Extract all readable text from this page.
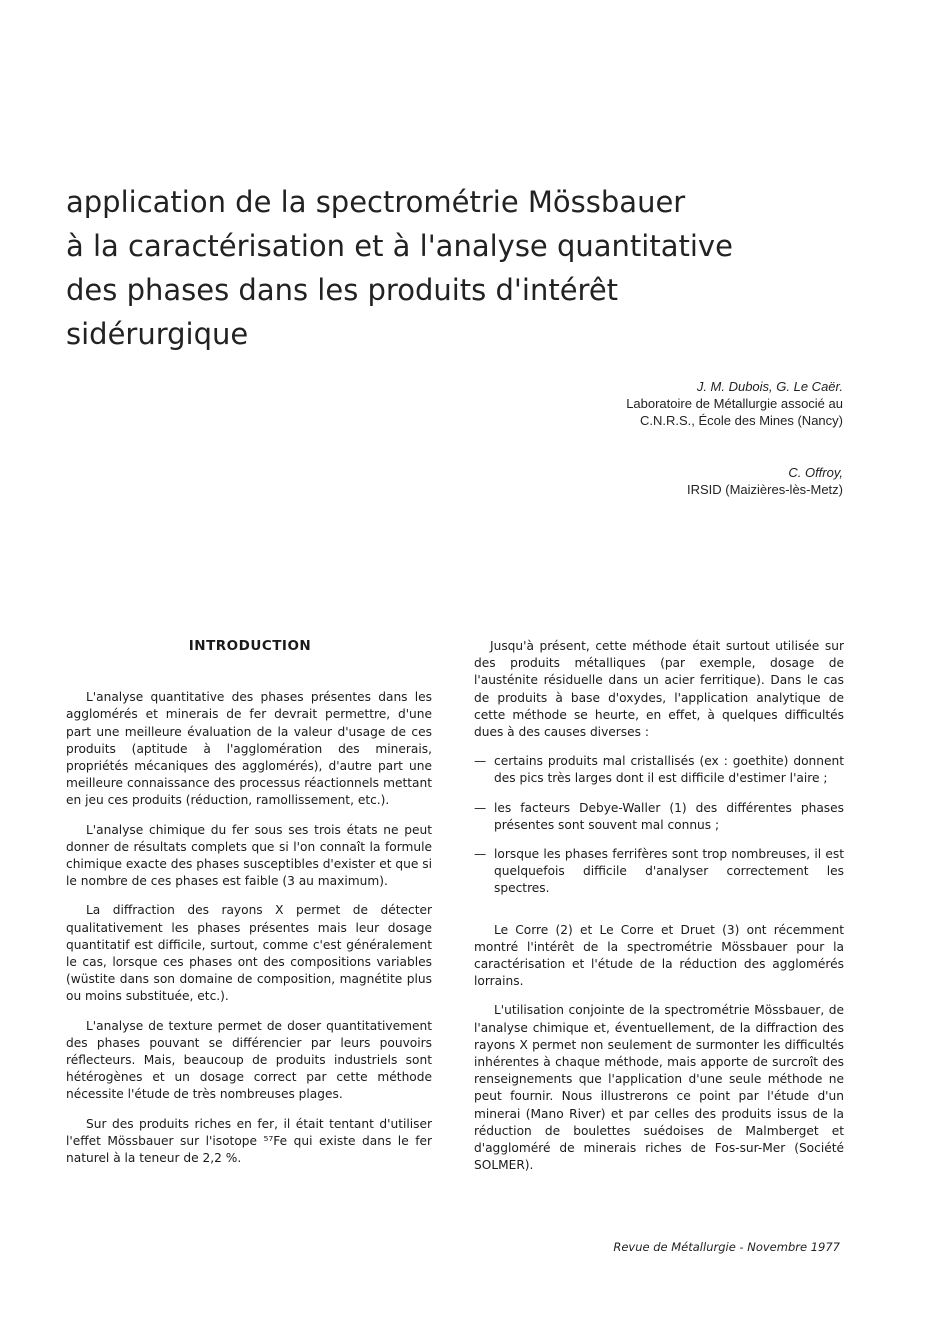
application de la spectrométrie Mössbauer
à la caractérisation et à l'analyse quantitative
des phases dans les produits d'intérêt
sidérurgique
J. M. Dubois, G. Le Caër.
Laboratoire de Métallurgie associé au
C.N.R.S., École des Mines (Nancy)
C. Offroy,
IRSID (Maizières-lès-Metz)
INTRODUCTION

L'analyse quantitative des phases présentes dans les agglomérés et minerais de fer devrait permettre, d'une part une meilleure évaluation de la valeur d'usage de ces produits (aptitude à l'agglomération des minerais, propriétés mécaniques des agglomérés), d'autre part une meilleure connaissance des processus réactionnels mettant en jeu ces produits (réduction, ramollissement, etc.).

L'analyse chimique du fer sous ses trois états ne peut donner de résultats complets que si l'on connaît la formule chimique exacte des phases susceptibles d'exister et que si le nombre de ces phases est faible (3 au maximum).

La diffraction des rayons X permet de détecter qualitativement les phases présentes mais leur dosage quantitatif est difficile, surtout, comme c'est généralement le cas, lorsque ces phases ont des compositions variables (wüstite dans son domaine de composition, magnétite plus ou moins substituée, etc.).

L'analyse de texture permet de doser quantitativement des phases pouvant se différencier par leurs pouvoirs réflecteurs. Mais, beaucoup de produits industriels sont hétérogènes et un dosage correct par cette méthode nécessite l'étude de très nombreuses plages.

Sur des produits riches en fer, il était tentant d'utiliser l'effet Mössbauer sur l'isotope ⁵⁷Fe qui existe dans le fer naturel à la teneur de 2,2 %.

Jusqu'à présent, cette méthode était surtout utilisée sur des produits métalliques (par exemple, dosage de l'austénite résiduelle dans un acier ferritique). Dans le cas de produits à base d'oxydes, l'application analytique de cette méthode se heurte, en effet, à quelques difficultés dues à des causes diverses :

— certains produits mal cristallisés (ex : goethite) donnent des pics très larges dont il est difficile d'estimer l'aire ;
— les facteurs Debye-Waller (1) des différentes phases présentes sont souvent mal connus ;
— lorsque les phases ferrifères sont trop nombreuses, il est quelquefois difficile d'analyser correctement les spectres.

Le Corre (2) et Le Corre et Druet (3) ont récemment montré l'intérêt de la spectrométrie Mössbauer pour la caractérisation et l'étude de la réduction des agglomérés lorrains.

L'utilisation conjointe de la spectrométrie Mössbauer, de l'analyse chimique et, éventuellement, de la diffraction des rayons X permet non seulement de surmonter les difficultés inhérentes à chaque méthode, mais apporte de surcroît des renseignements que l'application d'une seule méthode ne peut fournir. Nous illustrerons ce point par l'étude d'un minerai (Mano River) et par celles des produits issus de la réduction de boulettes suédoises de Malmberget et d'aggloméré de minerais riches de Fos-sur-Mer (Société SOLMER).

Revue de Métallurgie - Novembre 1977
